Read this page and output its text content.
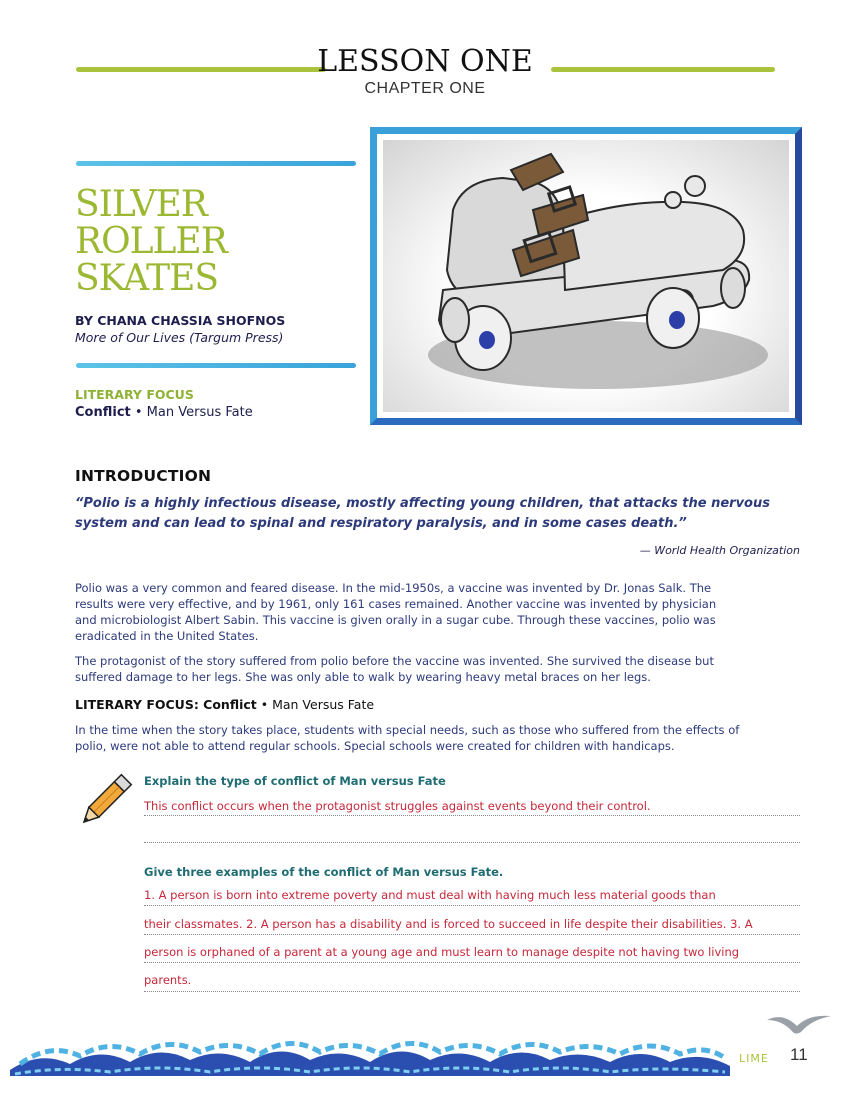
LESSON ONE
CHAPTER ONE
SILVER
ROLLER
SKATES
BY CHANA CHASSIA SHOFNOS
More of Our Lives (Targum Press)
LITERARY FOCUS
Conflict • Man Versus Fate
INTRODUCTION
“Polio is a highly infectious disease, mostly affecting young children, that attacks the nervous
system and can lead to spinal and respiratory paralysis, and in some cases death.”
— World Health Organization
Polio was a very common and feared disease. In the mid-1950s, a vaccine was invented by Dr. Jonas Salk. The
results were very effective, and by 1961, only 161 cases remained. Another vaccine was invented by physician
and microbiologist Albert Sabin. This vaccine is given orally in a sugar cube. Through these vaccines, polio was
eradicated in the United States.
The protagonist of the story suffered from polio before the vaccine was invented. She survived the disease but
suffered damage to her legs. She was only able to walk by wearing heavy metal braces on her legs.
LITERARY FOCUS: Conflict • Man Versus Fate
In the time when the story takes place, students with special needs, such as those who suffered from the effects of
polio, were not able to attend regular schools. Special schools were created for children with handicaps.
Explain the type of conflict of Man versus Fate
This conflict occurs when the protagonist struggles against events beyond their control.
Give three examples of the conflict of Man versus Fate.
1. A person is born into extreme poverty and must deal with having much less material goods than
their classmates. 2. A person has a disability and is forced to succeed in life despite their disabilities. 3. A
person is orphaned of a parent at a young age and must learn to manage despite not having two living
parents.
LIME 11
